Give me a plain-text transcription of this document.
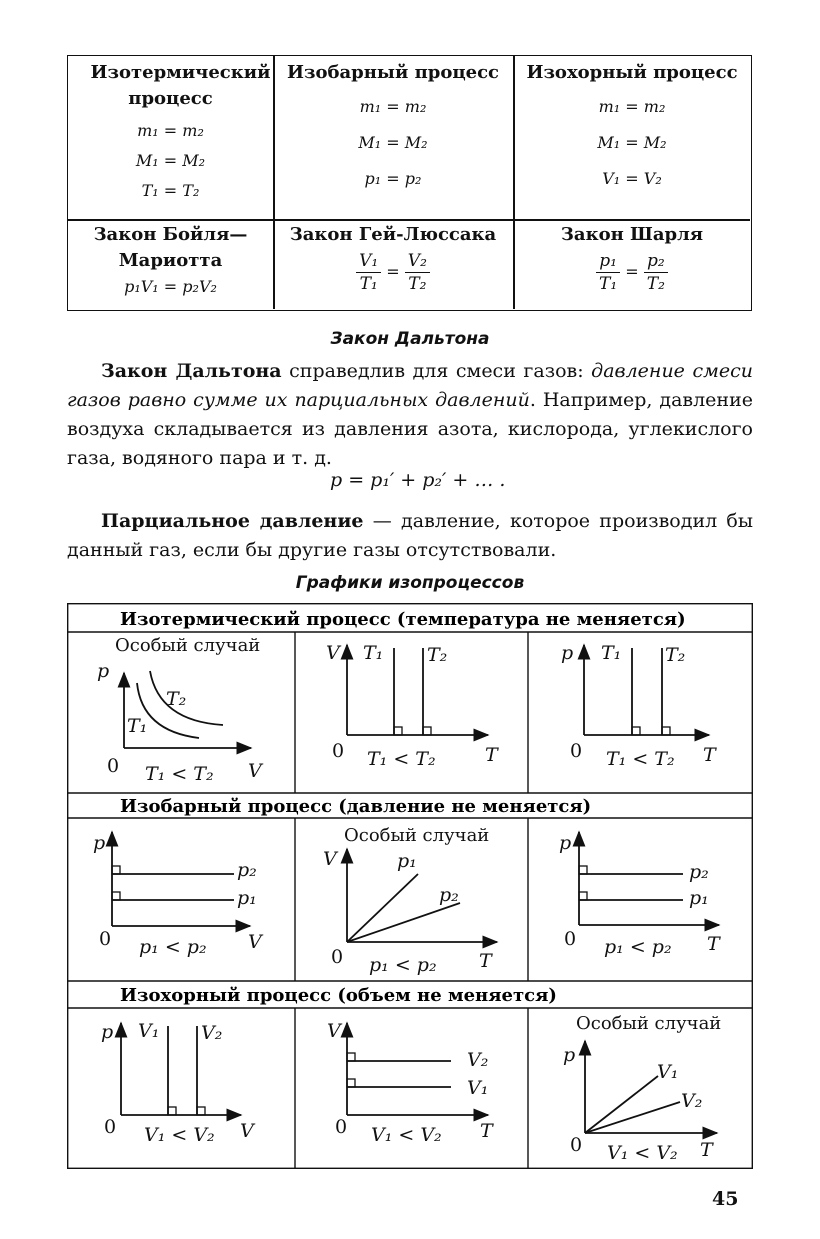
Изотермический процесс
m₁ = m₂
M₁ = M₂
T₁ = T₂
Изобарный процесс
m₁ = m₂
M₁ = M₂
p₁ = p₂
Изохорный процесс
m₁ = m₂
M₁ = M₂
V₁ = V₂
Закон Бойля—Мариотта
p₁V₁ = p₂V₂
Закон Гей-Люссака
$\frac{\text{V₁}}{\text{T₁}} = \frac{\text{V₂}}{\text{T₂}}$
Закон Шарля
$\frac{\text{p₁}}{\text{T₁}} = \frac{\text{p₂}}{\text{T₂}}$
Закон Дальтона
Закон Дальтона справедлив для смеси газов: давление смеси газов равно сумме их парциальных давлений. Например, давление воздуха складывается из давления азота, кислорода, углекислого газа, водяного пара и т. д.
p = p₁′ + p₂′ + … .
Парциальное давление — давление, которое производил бы данный газ, если бы другие газы отсутствовали.
Графики изопроцессов
Изотермический процесс (температура не меняется)
Изобарный процесс (давление не меняется)
Изохорный процесс (объем не меняется)
Особый случай
p
T₂
T₁
0 T₁ < T₂ V
V T₁ T₂
0 T₁ < T₂	T
p T₁ T₂
0 T₁ < T₂ T
p
p₂
p₁
0 p₁ < p₂ V
Особый случай
V	p₁
p₂
0 p₁ < p₂ T
p
p₂
p₁
0 p₁ < p₂ T
p V₁ V₂
0 V₁ < V₂ V
V
V₂
V₁
0 V₁ < V₂ T
Особый случай
p
V₁
V₂
0 V₁ < V₂ T
45
